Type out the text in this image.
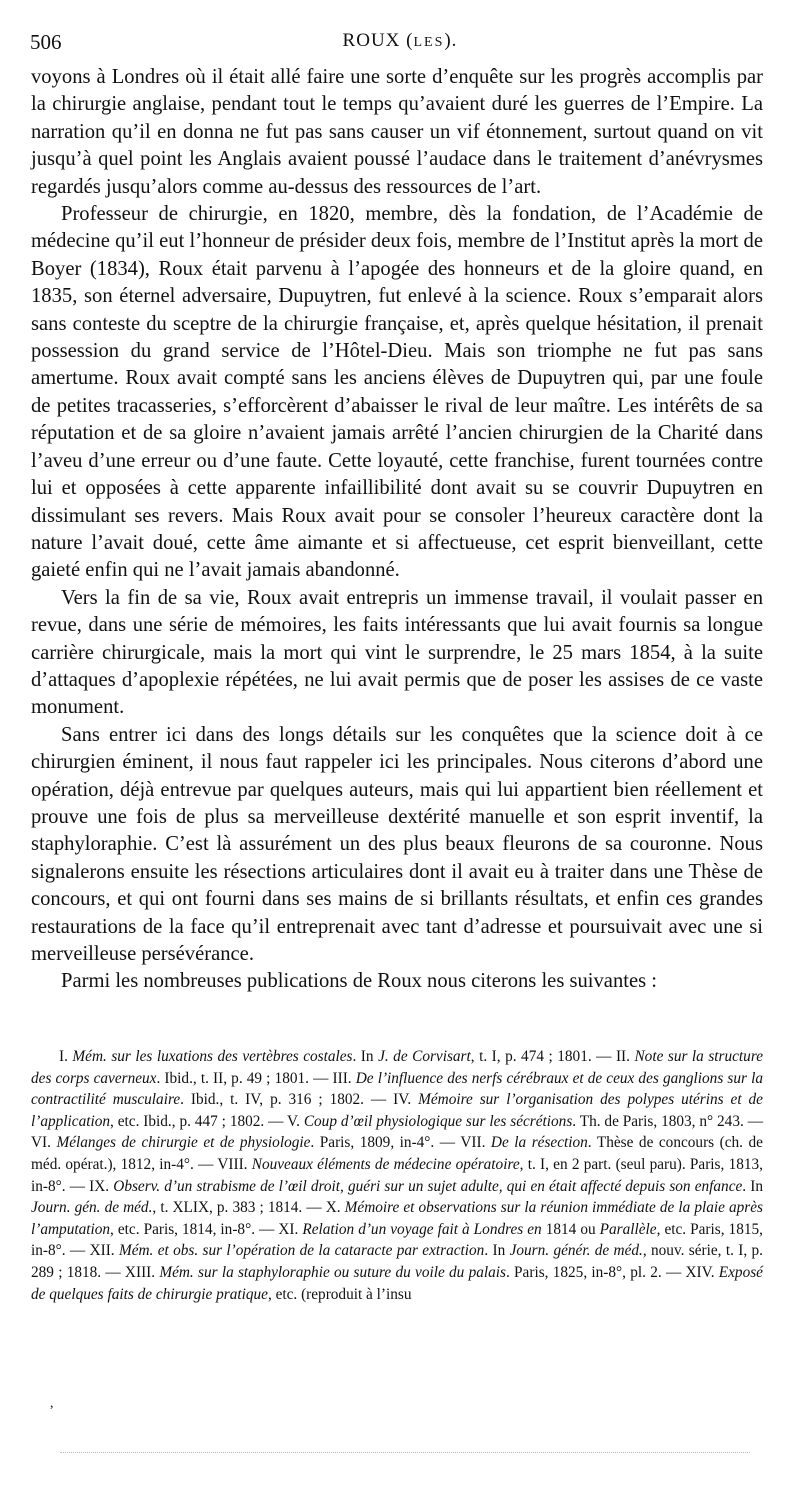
506	ROUX (LES).

voyons à Londres où il était allé faire une sorte d’enquête sur les progrès accomplis par la chirurgie anglaise, pendant tout le temps qu’avaient duré les guerres de l’Empire. La narration qu’il en donna ne fut pas sans causer un vif étonnement, surtout quand on vit jusqu’à quel point les Anglais avaient poussé l’audace dans le traitement d’anévrysmes regardés jusqu’alors comme au-dessus des ressources de l’art.

Professeur de chirurgie, en 1820, membre, dès la fondation, de l’Académie de médecine qu’il eut l’honneur de présider deux fois, membre de l’Institut après la mort de Boyer (1834), Roux était parvenu à l’apogée des honneurs et de la gloire quand, en 1835, son éternel adversaire, Dupuytren, fut enlevé à la science. Roux s’emparait alors sans conteste du sceptre de la chirurgie française, et, après quelque hésitation, il prenait possession du grand service de l’Hôtel-Dieu. Mais son triomphe ne fut pas sans amertume. Roux avait compté sans les anciens élèves de Dupuytren qui, par une foule de petites tracasseries, s’efforcèrent d’abaisser le rival de leur maître. Les intérêts de sa réputation et de sa gloire n’avaient jamais arrêté l’ancien chirurgien de la Charité dans l’aveu d’une erreur ou d’une faute. Cette loyauté, cette franchise, furent tournées contre lui et opposées à cette apparente infaillibilité dont avait su se couvrir Dupuytren en dissimulant ses revers. Mais Roux avait pour se consoler l’heureux caractère dont la nature l’avait doué, cette âme aimante et si affectueuse, cet esprit bienveillant, cette gaieté enfin qui ne l’avait jamais abandonné.

Vers la fin de sa vie, Roux avait entrepris un immense travail, il voulait passer en revue, dans une série de mémoires, les faits intéressants que lui avait fournis sa longue carrière chirurgicale, mais la mort qui vint le surprendre, le 25 mars 1854, à la suite d’attaques d’apoplexie répétées, ne lui avait permis que de poser les assises de ce vaste monument.

Sans entrer ici dans des longs détails sur les conquêtes que la science doit à ce chirurgien éminent, il nous faut rappeler ici les principales. Nous citerons d’abord une opération, déjà entrevue par quelques auteurs, mais qui lui appartient bien réellement et prouve une fois de plus sa merveilleuse dextérité manuelle et son esprit inventif, la staphyloraphie. C’est là assurément un des plus beaux fleurons de sa couronne. Nous signalerons ensuite les résections articulaires dont il avait eu à traiter dans une Thèse de concours, et qui ont fourni dans ses mains de si brillants résultats, et enfin ces grandes restaurations de la face qu’il entreprenait avec tant d’adresse et poursuivait avec une si merveilleuse persévérance.

Parmi les nombreuses publications de Roux nous citerons les suivantes :

I. Mém. sur les luxations des vertèbres costales. In J. de Corvisart, t. I, p. 474 ; 1801. — II. Note sur la structure des corps caverneux. Ibid., t. II, p. 49 ; 1801. — III. De l’influence des nerfs cérébraux et de ceux des ganglions sur la contractilité musculaire. Ibid., t. IV, p. 316 ; 1802. — IV. Mémoire sur l’organisation des polypes utérins et de l’application, etc. Ibid., p. 447 ; 1802. — V. Coup d’œil physiologique sur les sécrétions. Th. de Paris, 1803, n° 243. — VI. Mélanges de chirurgie et de physiologie. Paris, 1809, in-4°. — VII. De la résection. Thèse de concours (ch. de méd. opérat.), 1812, in-4°. — VIII. Nouveaux éléments de médecine opératoire, t. I, en 2 part. (seul paru). Paris, 1813, in-8°. — IX. Observ. d’un strabisme de l’œil droit, guéri sur un sujet adulte, qui en était affecté depuis son enfance. In Journ. gén. de méd., t. XLIX, p. 383 ; 1814. — X. Mémoire et observations sur la réunion immédiate de la plaie après l’amputation, etc. Paris, 1814, in-8°. — XI. Relation d’un voyage fait à Londres en 1814 ou Parallèle, etc. Paris, 1815, in-8°. — XII. Mém. et obs. sur l’opération de la cataracte par extraction. In Journ. génér. de méd., nouv. série, t. I, p. 289 ; 1818. — XIII. Mém. sur la staphyloraphie ou suture du voile du palais. Paris, 1825, in-8°, pl. 2. — XIV. Exposé de quelques faits de chirurgie pratique, etc. (reproduit à l’insu

,
